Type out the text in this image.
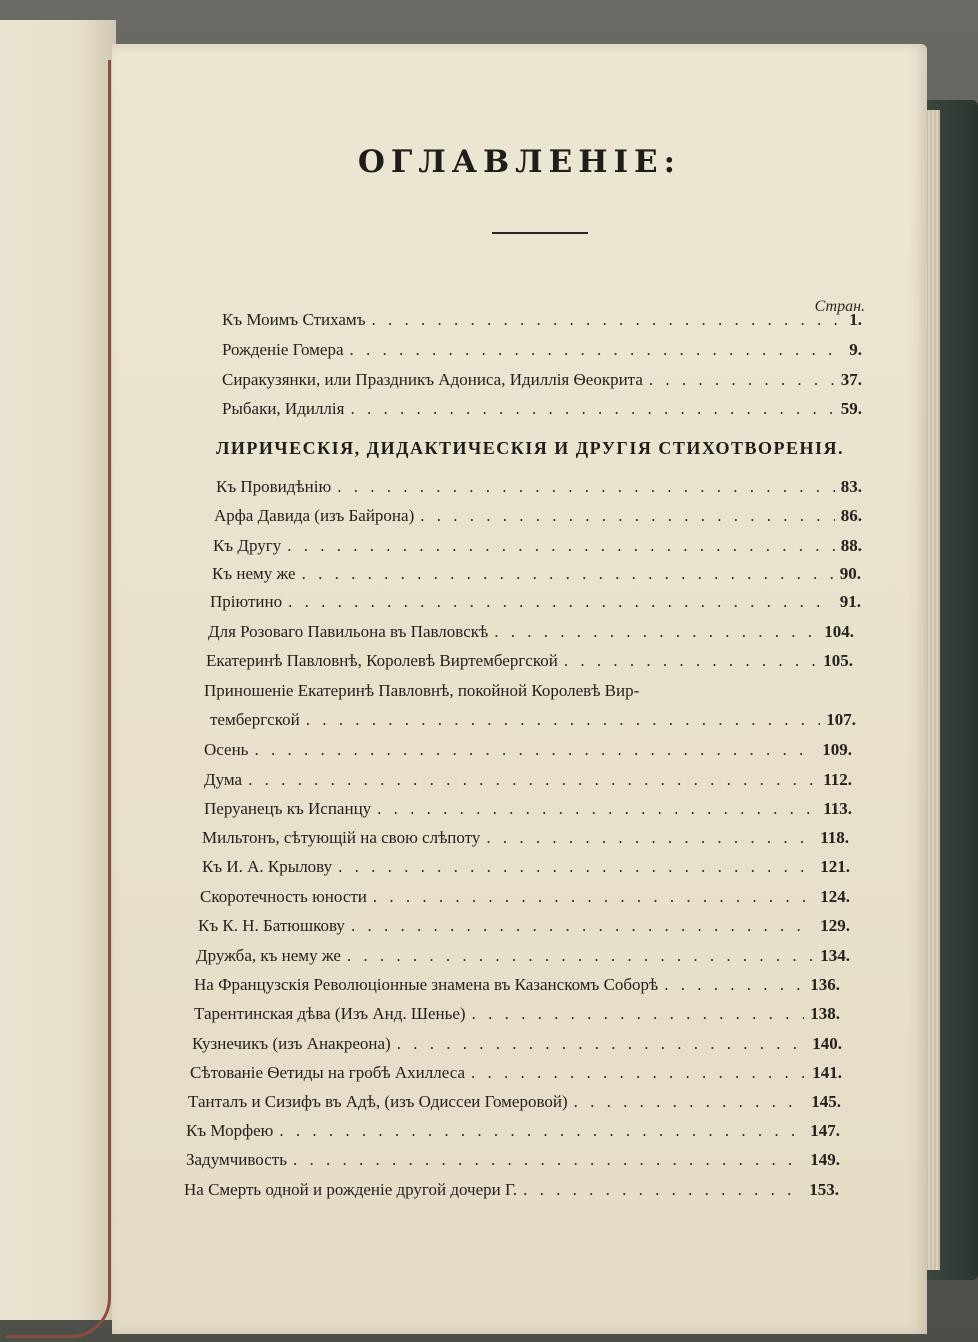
ОГЛАВЛЕНІЕ:
Стран.
Къ Моимъ Стихамъ . . .	1.
Рожденіе Гомера . . .	9.
Сиракузянки, или Праздникъ Адониса, Идиллія Ѳеокрита . . .	37.
Рыбаки, Идиллія . . .	59.
ЛИРИЧЕСКІЯ, ДИДАКТИЧЕСКІЯ И ДРУГІЯ СТИХОТВОРЕНІЯ.
Къ Провидѣнію . . .	83.
Арфа Давида (изъ Байрона) . . .	86.
Къ Другу . . .	88.
Къ нему же . . .	90.
Пріютино . . .	91.
Для Розоваго Павильона въ Павловскѣ . . .	104.
Екатеринѣ Павловнѣ, Королевѣ Виртембергской . . .	105.
Приношеніе Екатеринѣ Павловнѣ, покойной Королевѣ Вир-
тембергской . . .	107.
Осень . . .	109.
Дума . . .	112.
Перуанецъ къ Испанцу . . .	113.
Мильтонъ, сѣтующій на свою слѣпоту . . .	118.
Къ И. А. Крылову . . .	121.
Скоротечность юности . . .	124.
Къ К. Н. Батюшкову . . .	129.
Дружба, къ нему же . . .	134.
На Французскія Революціонные знамена въ Казанскомъ Соборѣ . . .	136.
Тарентинская дѣва (Изъ Анд. Шенье) . . .	138.
Кузнечикъ (изъ Анакреона) . . .	140.
Сѣтованіе Ѳетиды на гробѣ Ахиллеса . . .	141.
Танталъ и Сизифъ въ Адѣ, (изъ Одиссеи Гомеровой) . . .	145.
Къ Морфею . . .	147.
Задумчивость . . .	149.
На Смерть одной и рожденіе другой дочери Г. . . .	153.
